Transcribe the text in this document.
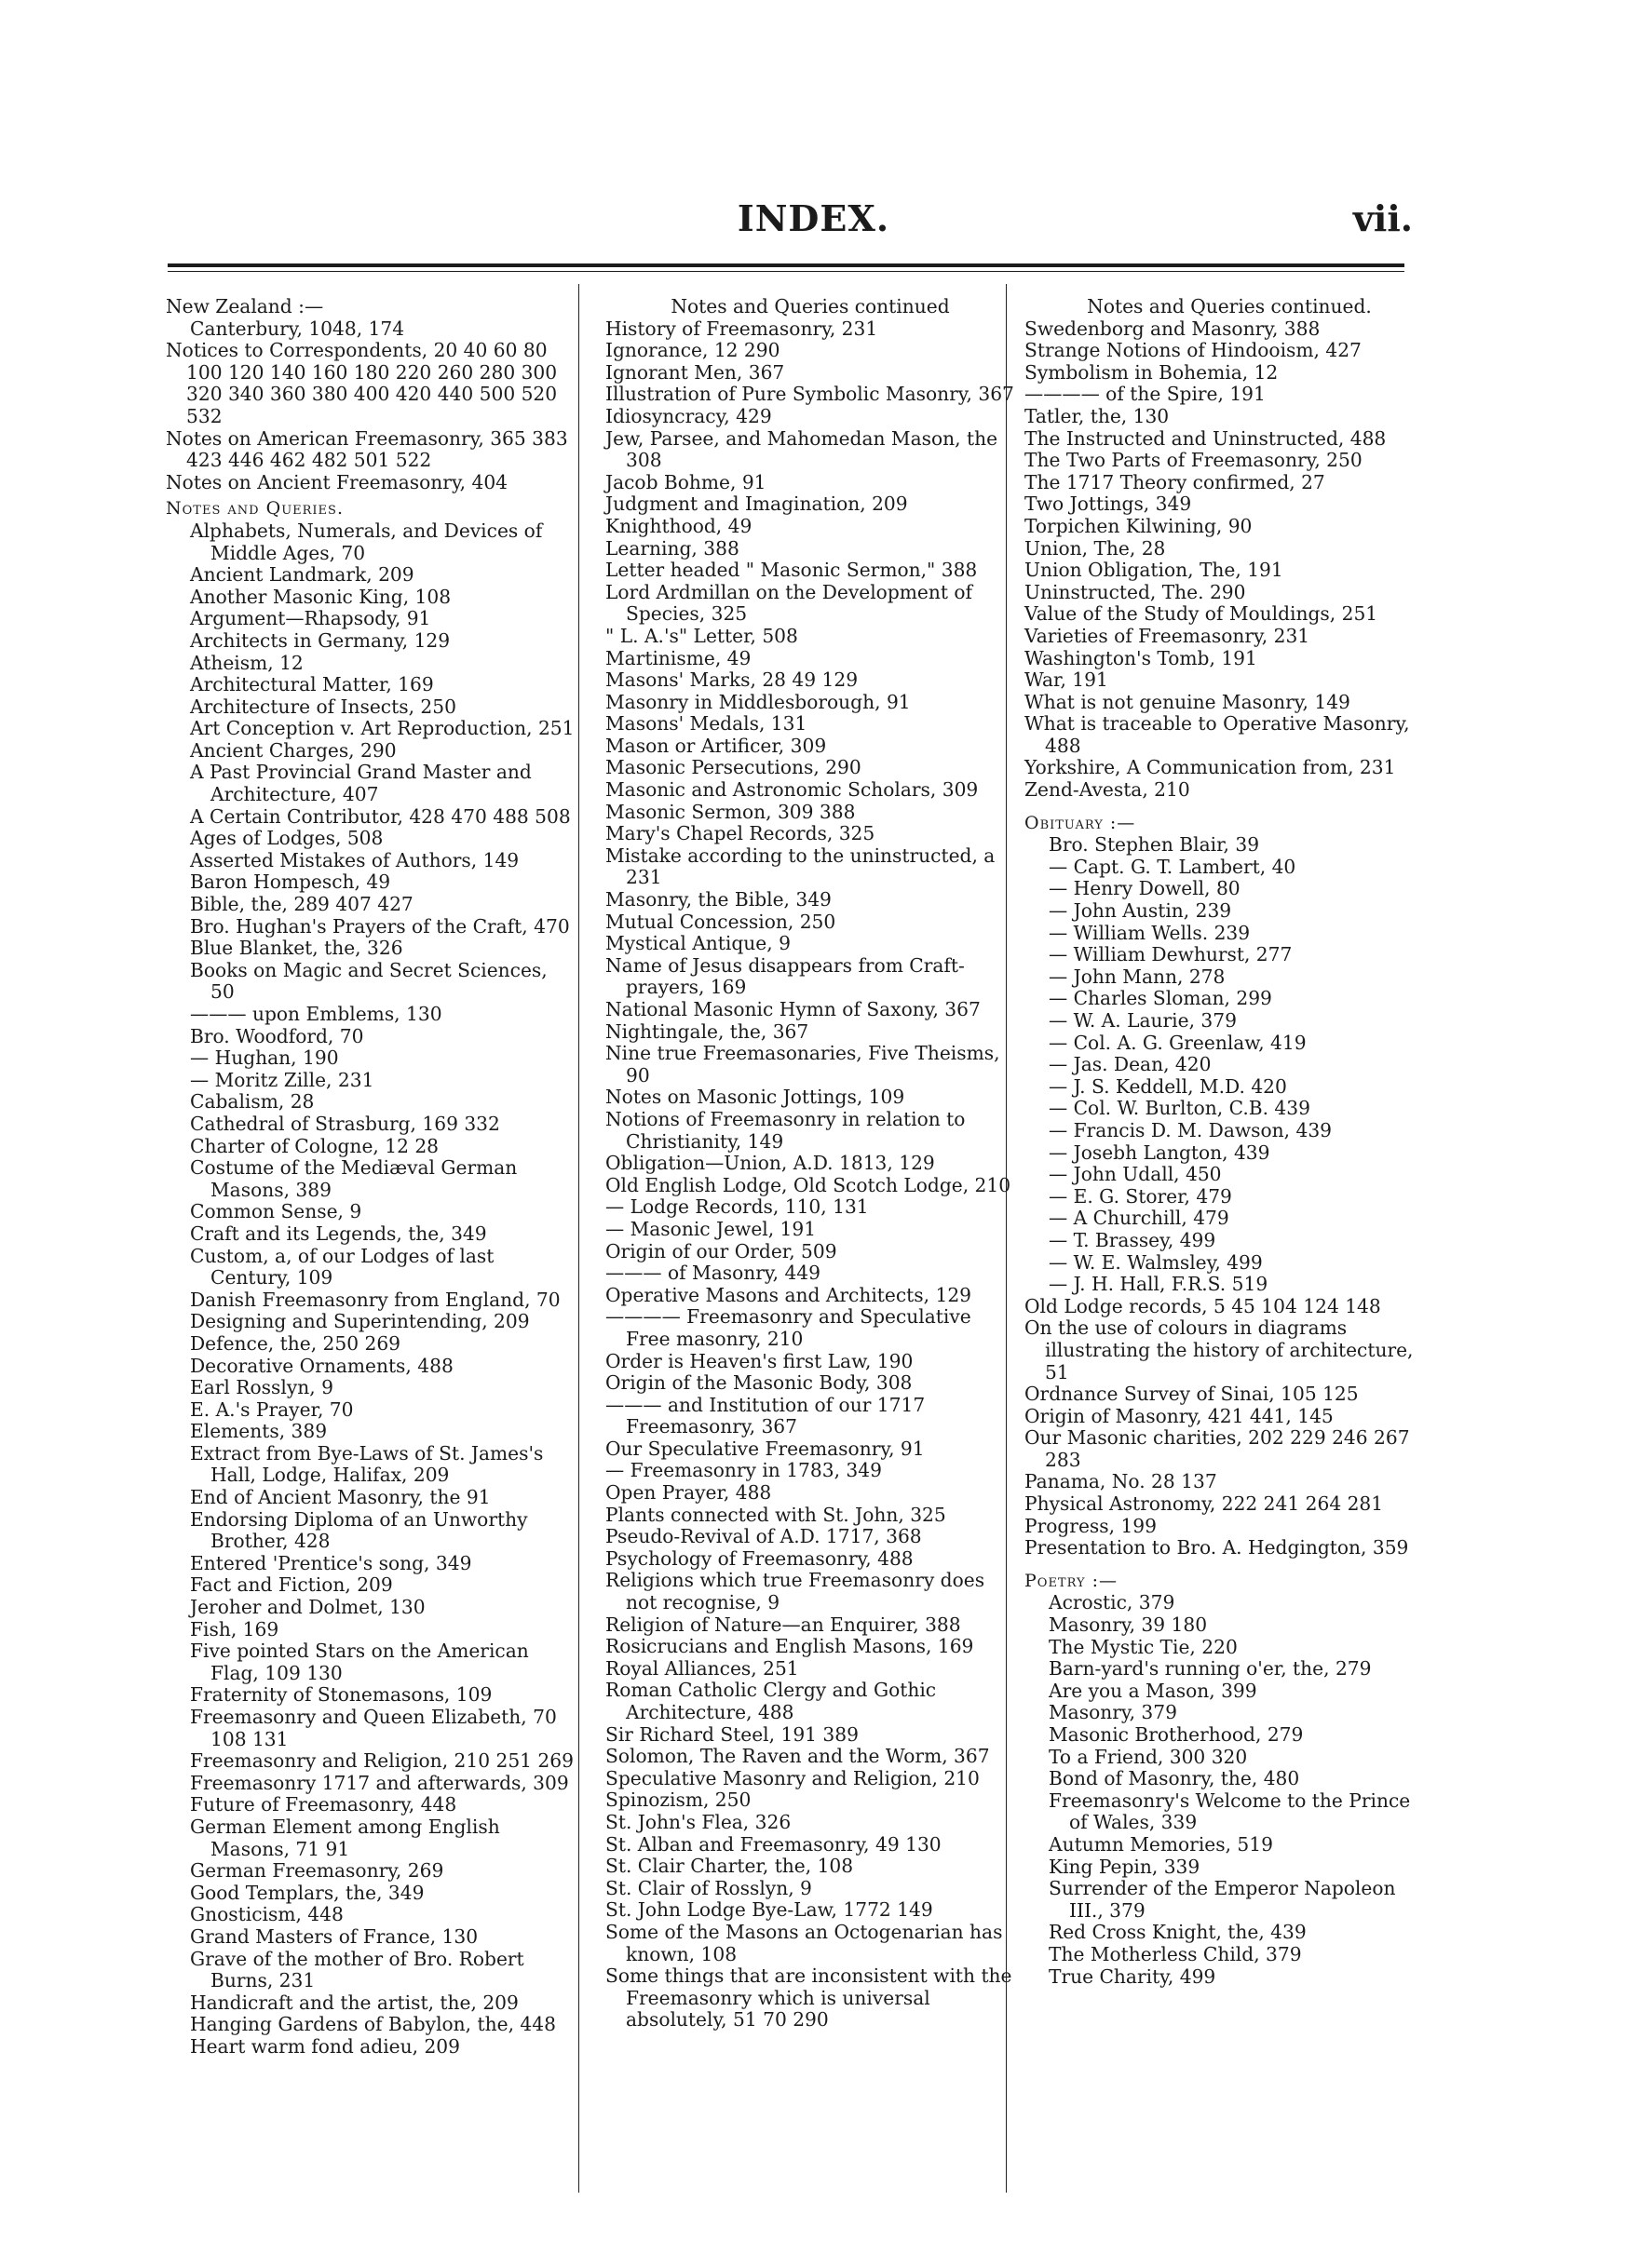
INDEX.	vii.
New Zealand :—
Canterbury, 1048, 174
Notices to Correspondents, 20 40 60 80 100 120 140 160 180 220 260 280 300 320 340 360 380 400 420 440 500 520 532
Notes on American Freemasonry, 365 383 423 446 462 482 501 522
Notes on Ancient Freemasonry, 404
Notes and Queries.
Alphabets, Numerals, and Devices of Middle Ages, 70
Ancient Landmark, 209
Another Masonic King, 108
Argument—Rhapsody, 91
Architects in Germany, 129
Atheism, 12
Architectural Matter, 169
Architecture of Insects, 250
Art Conception v. Art Reproduction, 251
Ancient Charges, 290
A Past Provincial Grand Master and Architecture, 407
A Certain Contributor, 428 470 488 508
Ages of Lodges, 508
Asserted Mistakes of Authors, 149
Baron Hompesch, 49
Bible, the, 289 407 427
Bro. Hughan's Prayers of the Craft, 470
Blue Blanket, the, 326
Books on Magic and Secret Sciences, 50
——— upon Emblems, 130
Bro. Woodford, 70
— Hughan, 190
— Moritz Zille, 231
Cabalism, 28
Cathedral of Strasburg, 169 332
Charter of Cologne, 12 28
Costume of the Mediæval German Masons, 389
Common Sense, 9
Craft and its Legends, the, 349
Custom, a, of our Lodges of last Century, 109
Danish Freemasonry from England, 70
Designing and Superintending, 209
Defence, the, 250 269
Decorative Ornaments, 488
Earl Rosslyn, 9
E. A.'s Prayer, 70
Elements, 389
Extract from Bye-Laws of St. James's Hall, Lodge, Halifax, 209
End of Ancient Masonry, the 91
Endorsing Diploma of an Unworthy Brother, 428
Entered 'Prentice's song, 349
Fact and Fiction, 209
Jeroher and Dolmet, 130
Fish, 169
Five pointed Stars on the American Flag, 109 130
Fraternity of Stonemasons, 109
Freemasonry and Queen Elizabeth, 70 108 131
Freemasonry and Religion, 210 251 269
Freemasonry 1717 and afterwards, 309
Future of Freemasonry, 448
German Element among English Masons, 71 91
German Freemasonry, 269
Good Templars, the, 349
Gnosticism, 448
Grand Masters of France, 130
Grave of the mother of Bro. Robert Burns, 231
Handicraft and the artist, the, 209
Hanging Gardens of Babylon, the, 448
Heart warm fond adieu, 209
Notes and Queries continued
History of Freemasonry, 231
Ignorance, 12 290
Ignorant Men, 367
Illustration of Pure Symbolic Masonry, 367
Idiosyncracy, 429
Jew, Parsee, and Mahomedan Mason, the 308
Jacob Bohme, 91
Judgment and Imagination, 209
Knighthood, 49
Learning, 388
Letter headed " Masonic Sermon," 388
Lord Ardmillan on the Development of Species, 325
" L. A.'s" Letter, 508
Martinisme, 49
Masons' Marks, 28 49 129
Masonry in Middlesborough, 91
Masons' Medals, 131
Mason or Artificer, 309
Masonic Persecutions, 290
Masonic and Astronomic Scholars, 309
Masonic Sermon, 309 388
Mary's Chapel Records, 325
Mistake according to the uninstructed, a 231
Masonry, the Bible, 349
Mutual Concession, 250
Mystical Antique, 9
Name of Jesus disappears from Craft-prayers, 169
National Masonic Hymn of Saxony, 367
Nightingale, the, 367
Nine true Freemasonaries, Five Theisms, 90
Notes on Masonic Jottings, 109
Notions of Freemasonry in relation to Christianity, 149
Obligation—Union, A.D. 1813, 129
Old English Lodge, Old Scotch Lodge, 210
— Lodge Records, 110, 131
— Masonic Jewel, 191
Origin of our Order, 509
——— of Masonry, 449
Operative Masons and Architects, 129
———— Freemasonry and Speculative Free masonry, 210
Order is Heaven's first Law, 190
Origin of the Masonic Body, 308
——— and Institution of our 1717 Freemasonry, 367
Our Speculative Freemasonry, 91
— Freemasonry in 1783, 349
Open Prayer, 488
Plants connected with St. John, 325
Pseudo-Revival of A.D. 1717, 368
Psychology of Freemasonry, 488
Religions which true Freemasonry does not recognise, 9
Religion of Nature—an Enquirer, 388
Rosicrucians and English Masons, 169
Royal Alliances, 251
Roman Catholic Clergy and Gothic Architecture, 488
Sir Richard Steel, 191 389
Solomon, The Raven and the Worm, 367
Speculative Masonry and Religion, 210
Spinozism, 250
St. John's Flea, 326
St. Alban and Freemasonry, 49 130
St. Clair Charter, the, 108
St. Clair of Rosslyn, 9
St. John Lodge Bye-Law, 1772 149
Some of the Masons an Octogenarian has known, 108
Some things that are inconsistent with the Freemasonry which is universal absolutely, 51 70 290
Notes and Queries continued.
Swedenborg and Masonry, 388
Strange Notions of Hindooism, 427
Symbolism in Bohemia, 12
———— of the Spire, 191
Tatler, the, 130
The Instructed and Uninstructed, 488
The Two Parts of Freemasonry, 250
The 1717 Theory confirmed, 27
Two Jottings, 349
Torpichen Kilwining, 90
Union, The, 28
Union Obligation, The, 191
Uninstructed, The. 290
Value of the Study of Mouldings, 251
Varieties of Freemasonry, 231
Washington's Tomb, 191
War, 191
What is not genuine Masonry, 149
What is traceable to Operative Masonry, 488
Yorkshire, A Communication from, 231
Zend-Avesta, 210
Obituary :—
Bro. Stephen Blair, 39
— Capt. G. T. Lambert, 40
— Henry Dowell, 80
— John Austin, 239
— William Wells. 239
— William Dewhurst, 277
— John Mann, 278
— Charles Sloman, 299
— W. A. Laurie, 379
— Col. A. G. Greenlaw, 419
— Jas. Dean, 420
— J. S. Keddell, M.D. 420
— Col. W. Burlton, C.B. 439
— Francis D. M. Dawson, 439
— Josebh Langton, 439
— John Udall, 450
— E. G. Storer, 479
— A Churchill, 479
— T. Brassey, 499
— W. E. Walmsley, 499
— J. H. Hall, F.R.S. 519
Old Lodge records, 5 45 104 124 148
On the use of colours in diagrams illustrating the history of architecture, 51
Ordnance Survey of Sinai, 105 125
Origin of Masonry, 421 441, 145
Our Masonic charities, 202 229 246 267 283
Panama, No. 28 137
Physical Astronomy, 222 241 264 281
Progress, 199
Presentation to Bro. A. Hedgington, 359
Poetry :—
Acrostic, 379
Masonry, 39 180
The Mystic Tie, 220
Barn-yard's running o'er, the, 279
Are you a Mason, 399
Masonry, 379
Masonic Brotherhood, 279
To a Friend, 300 320
Bond of Masonry, the, 480
Freemasonry's Welcome to the Prince of Wales, 339
Autumn Memories, 519
King Pepin, 339
Surrender of the Emperor Napoleon III., 379
Red Cross Knight, the, 439
The Motherless Child, 379
True Charity, 499
